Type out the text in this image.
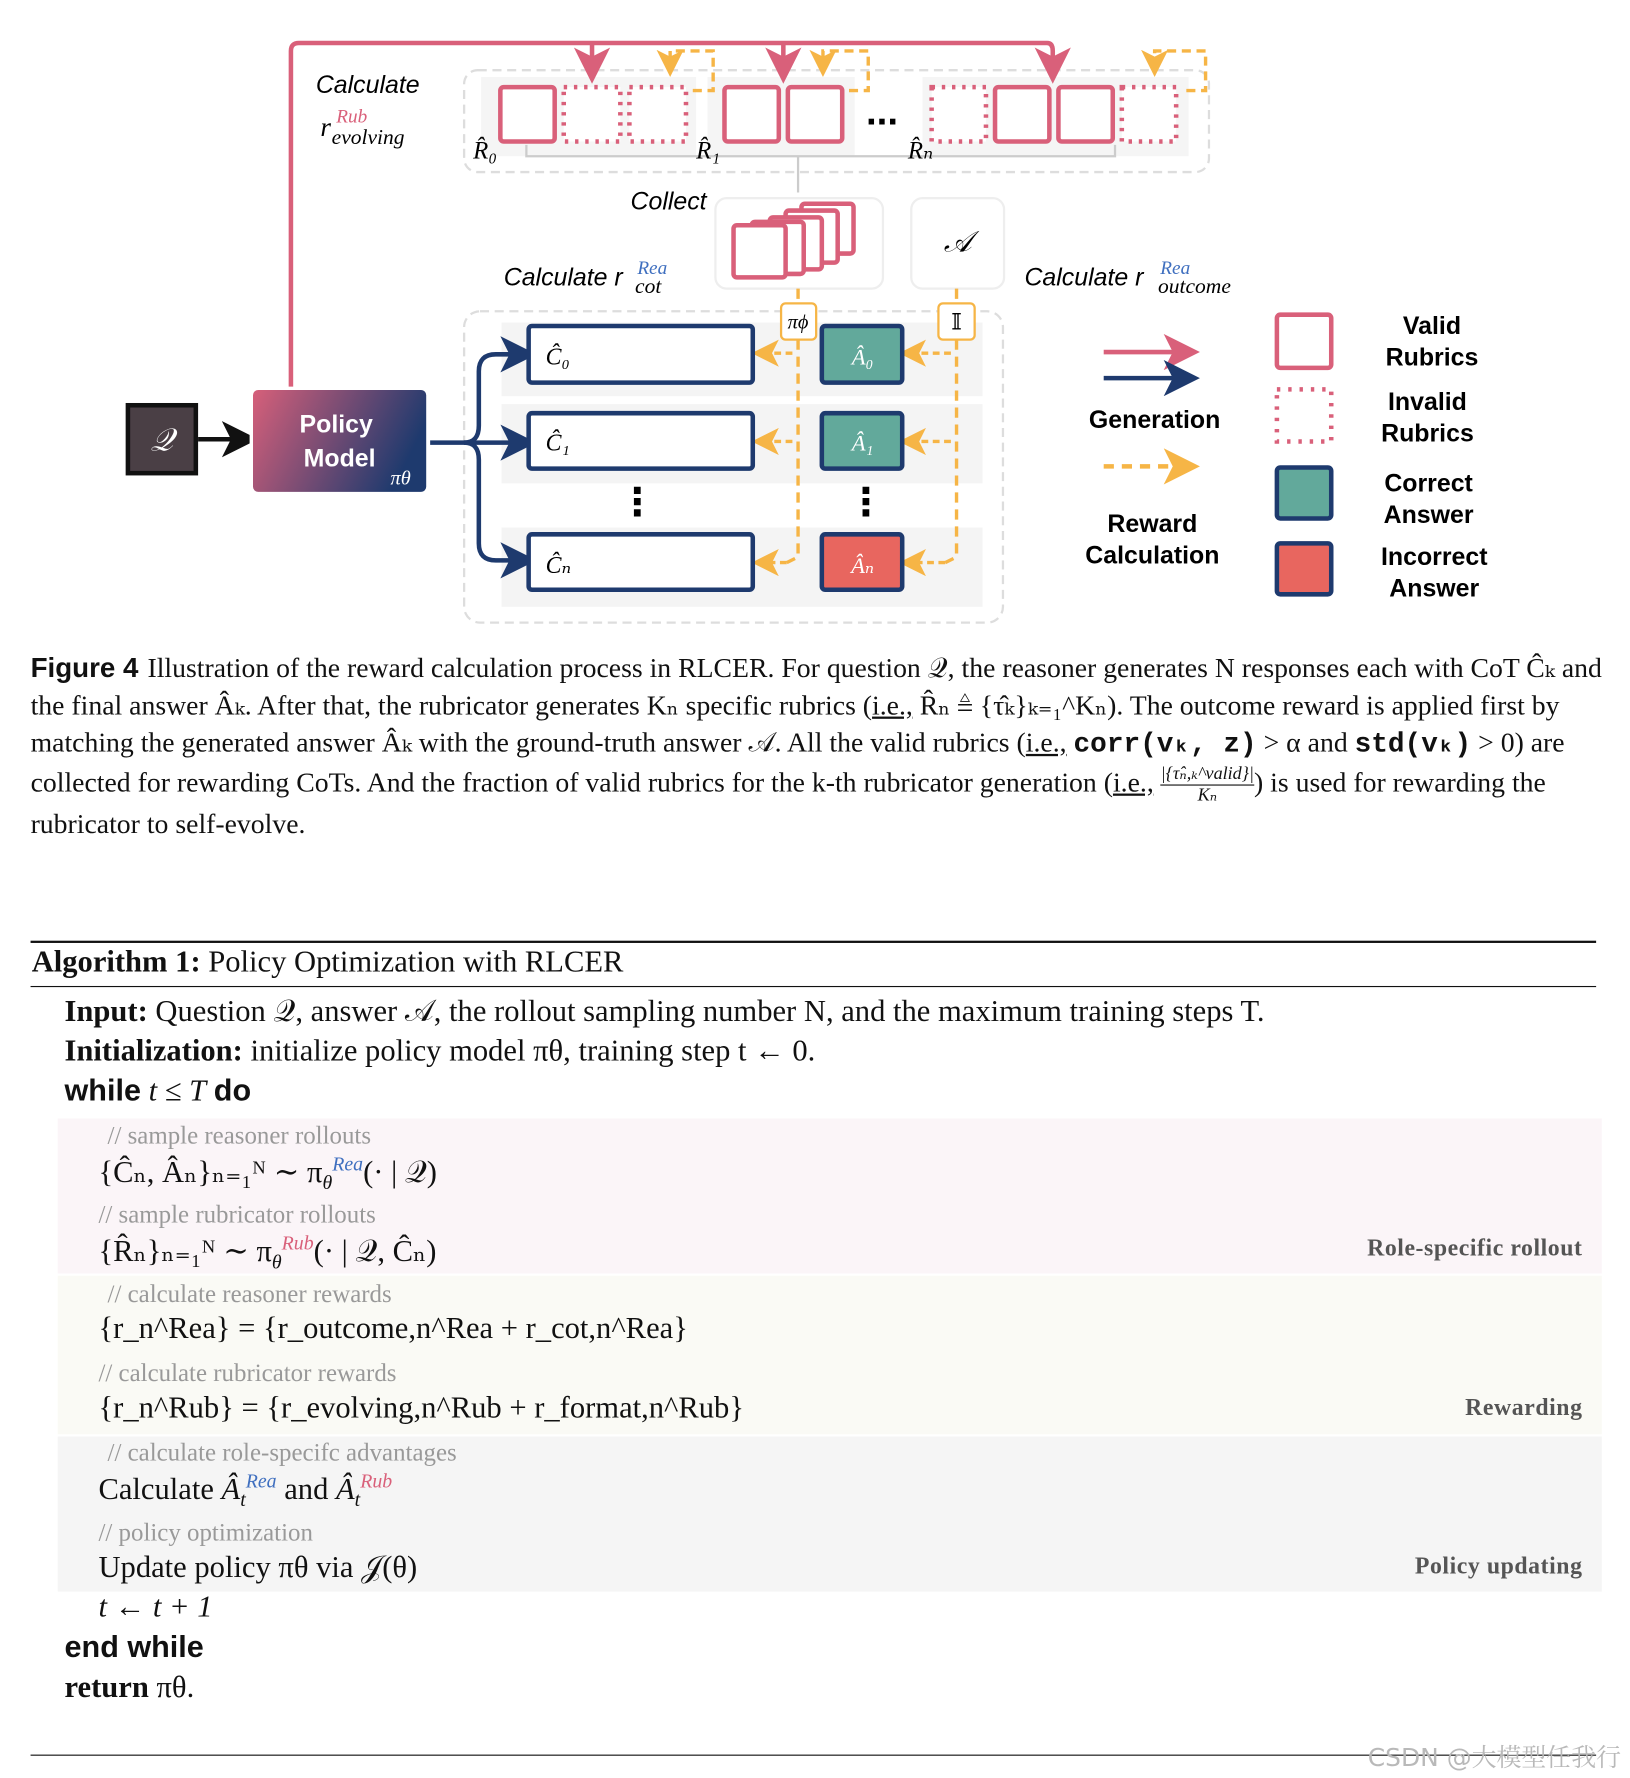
...
R̂₀	R̂₁	R̂ₙ
Calculate
r Rub
evolving
Collect
𝒜
Calculate r Rea
cot	Calculate r Rea
outcome
πϕ	𝕀
𝒬	Policy
Model
πθ
Ĉ₀
Ĉ₁
Ĉₙ
Â₀
Â₁
Âₙ
⋮	⋮
Generation
Reward
Calculation
Valid
Rubrics
Invalid
Rubrics
Correct
Answer
Incorrect
Answer
Figure 4 Illustration of the reward calculation process in RLCER. For question 𝒬, the reasoner generates N responses each with CoT Ĉₖ and the final answer Âₖ. After that, the rubricator generates Kₙ specific rubrics (i.e., R̂ₙ ≜ {τ̂ₖ}ₖ₌₁^Kₙ). The outcome reward is applied first by matching the generated answer Âₖ with the ground-truth answer 𝒜. All the valid rubrics (i.e., corr(vₖ, z) > α and std(vₖ) > 0) are collected for rewarding CoTs. And the fraction of valid rubrics for the k-th rubricator generation (i.e., |{τ̂ₙ,ₖ^valid}|
Kₙ	) is used for rewarding the rubricator to self-evolve.
Algorithm 1: Policy Optimization with RLCER
Input: Question 𝒬, answer 𝒜, the rollout sampling number N, and the maximum training steps T.
Initialization: initialize policy model πθ, training step t ← 0.
while t ≤ T do
// sample reasoner rollouts
{Ĉₙ, Âₙ}ₙ₌₁ᴺ ∼ $\pi_\theta^{Rea}(\cdot$ | 𝒬)
// sample rubricator rollouts
{R̂ₙ}ₙ₌₁ᴺ ∼ $\pi_\theta^{Rub}(\cdot$ | 𝒬, Ĉₙ)	Role-specific rollout
// calculate reasoner rewards
{r_n^Rea} = {r_outcome,n^Rea + r_cot,n^Rea}
// calculate rubricator rewards
{r_n^Rub} = {r_evolving,n^Rub + r_format,n^Rub}	Rewarding
// calculate role-specifc advantages
Calculate $Â_t^{Rea}$ and $Â_t^{Rub}$
// policy optimization
Update policy πθ via 𝒥(θ)	Policy updating
t ← t + 1
end while
return πθ.
CSDN @大模型任我行
